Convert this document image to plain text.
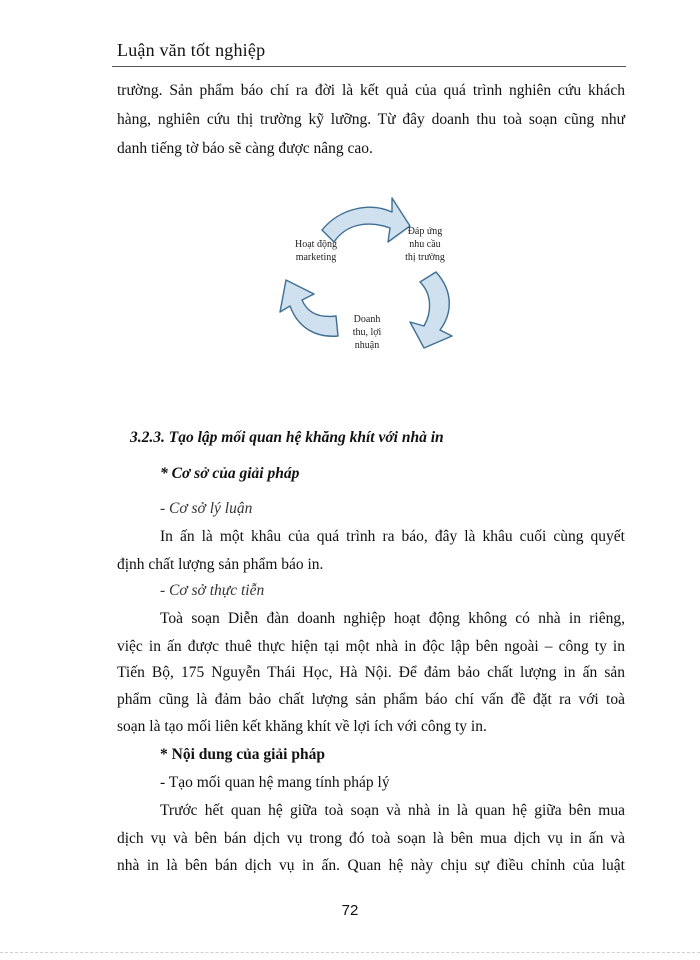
Luận văn tốt nghiệp
trường. Sản phẩm báo chí ra đời là kết quả của quá trình nghiên cứu khách
hàng, nghiên cứu thị trường kỹ lưỡng. Từ đây doanh thu toà soạn cũng như
danh tiếng tờ báo sẽ càng được nâng cao.
Hoạt động
marketing
Đáp ứng
nhu cầu
thị trường
Doanh
thu, lợi
nhuận
3.2.3. Tạo lập mối quan hệ khăng khít với nhà in
* Cơ sở của giải pháp
- Cơ sở lý luận
In ấn là một khâu của quá trình ra báo, đây là khâu cuối cùng quyết
định chất lượng sản phẩm báo in.
- Cơ sở thực tiễn
Toà soạn Diễn đàn doanh nghiệp hoạt động không có nhà in riêng,
việc in ấn được thuê thực hiện tại một nhà in độc lập bên ngoài – công ty in
Tiến Bộ, 175 Nguyễn Thái Học, Hà Nội. Để đảm bảo chất lượng in ấn sản
phẩm cũng là đảm bảo chất lượng sản phẩm báo chí vấn đề đặt ra với toà
soạn là tạo mối liên kết khăng khít về lợi ích với công ty in.
* Nội dung của giải pháp
- Tạo mối quan hệ mang tính pháp lý
Trước hết quan hệ giữa toà soạn và nhà in là quan hệ giữa bên mua
dịch vụ và bên bán dịch vụ trong đó toà soạn là bên mua dịch vụ in ấn và
nhà in là bên bán dịch vụ in ấn. Quan hệ này chịu sự điều chỉnh của luật
72
